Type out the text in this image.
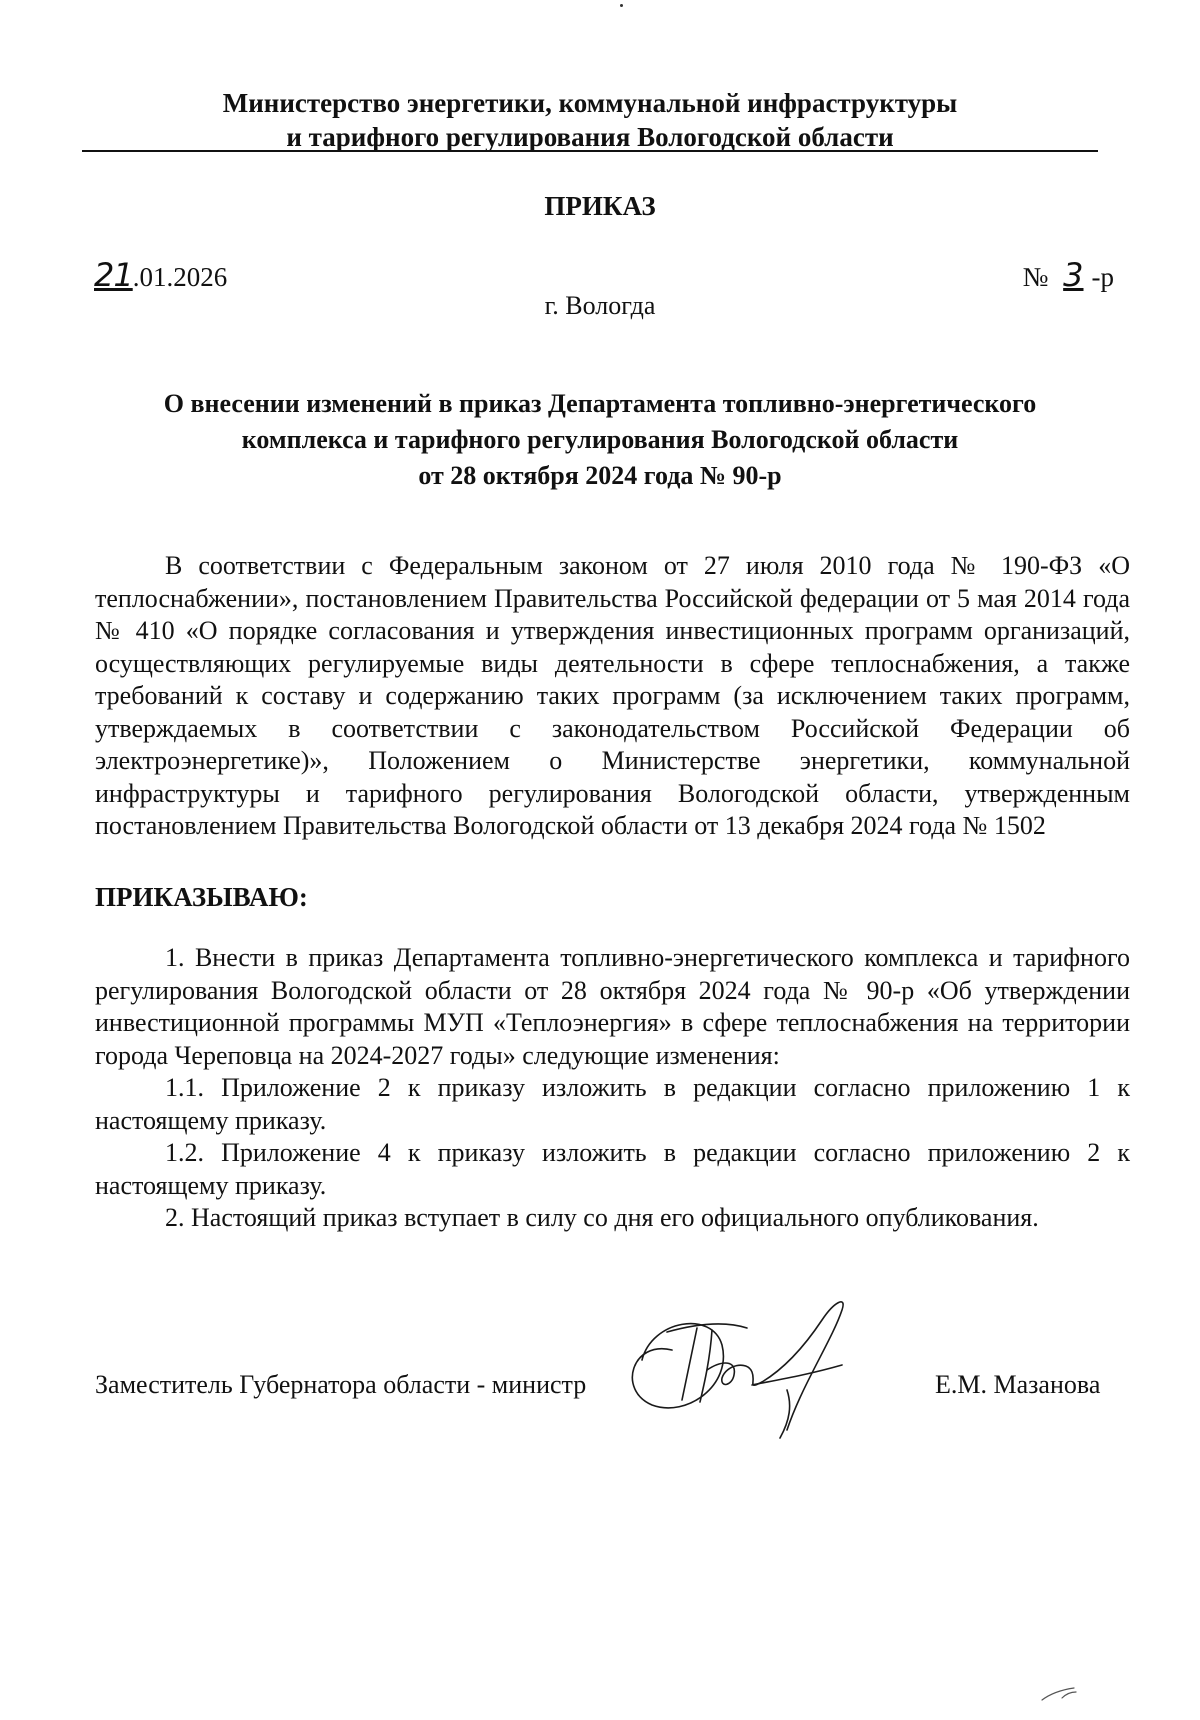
Министерство энергетики, коммунальной инфраструктуры
и тарифного регулирования Вологодской области
ПРИКАЗ
21.01.2026	№ 3 -р
г. Вологда
О внесении изменений в приказ Департамента топливно-энергетического
комплекса и тарифного регулирования Вологодской области
от 28 октября 2024 года № 90-р
В соответствии с Федеральным законом от 27 июля 2010 года № 190-ФЗ «О теплоснабжении», постановлением Правительства Российской федерации от 5 мая 2014 года № 410 «О порядке согласования и утверждения инвестиционных программ организаций, осуществляющих регулируемые виды деятельности в сфере теплоснабжения, а также требований к составу и содержанию таких программ (за исключением таких программ, утверждаемых в соответствии с законодательством Российской Федерации об электроэнергетике)», Положением о Министерстве энергетики, коммунальной инфраструктуры и тарифного регулирования Вологодской области, утвержденным постановлением Правительства Вологодской области от 13 декабря 2024 года № 1502
ПРИКАЗЫВАЮ:

1. Внести в приказ Департамента топливно-энергетического комплекса и тарифного регулирования Вологодской области от 28 октября 2024 года № 90-р «Об утверждении инвестиционной программы МУП «Теплоэнергия» в сфере теплоснабжения на территории города Череповца на 2024-2027 годы» следующие изменения:

1.1. Приложение 2 к приказу изложить в редакции согласно приложению 1 к настоящему приказу.

1.2. Приложение 4 к приказу изложить в редакции согласно приложению 2 к настоящему приказу.

2. Настоящий приказ вступает в силу со дня его официального опубликования.

Заместитель Губернатора области - министр	Е.М. Мазанова
